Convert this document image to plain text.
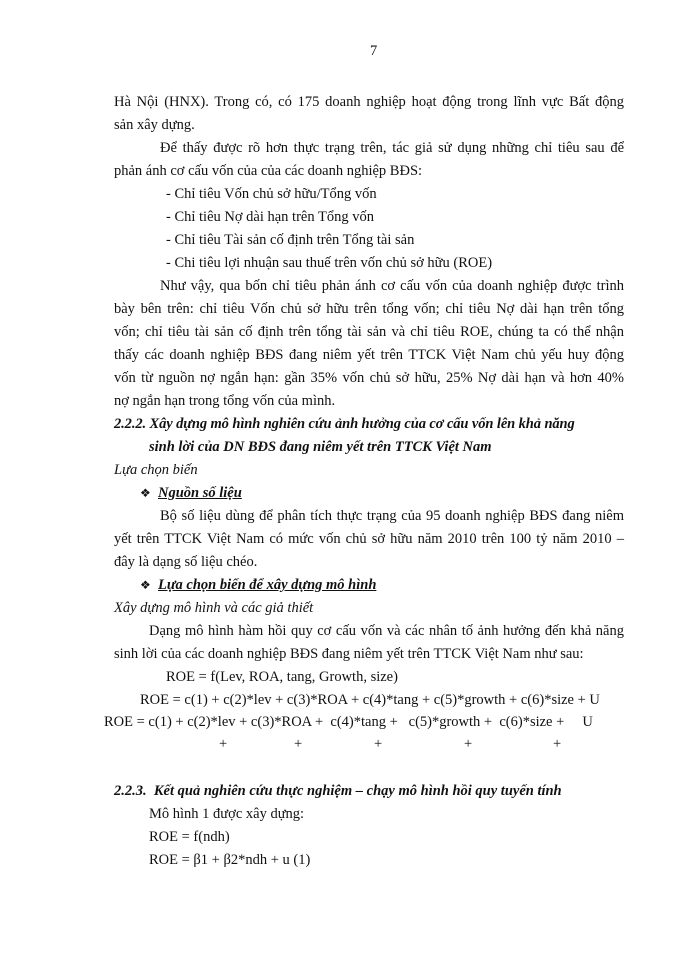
7
Hà Nội (HNX). Trong có, có 175 doanh nghiệp hoạt động trong lĩnh vực Bất động
sản xây dựng.
Để thấy được rõ hơn thực trạng trên, tác giả sử dụng những chỉ tiêu sau để
phản ánh cơ cấu vốn của của các doanh nghiệp BĐS:
- Chỉ tiêu Vốn chủ sở hữu/Tổng vốn
- Chỉ tiêu Nợ dài hạn trên Tổng vốn
- Chỉ tiêu Tài sản cố định trên Tổng tài sản
- Chi tiêu lợi nhuận sau thuế trên vốn chủ sở hữu (ROE)
Như vậy, qua bốn chỉ tiêu phản ánh cơ cấu vốn của doanh nghiệp được trình
bày bên trên: chỉ tiêu Vốn chủ sở hữu trên tổng vốn; chỉ tiêu Nợ dài hạn trên tổng
vốn; chỉ tiêu tài sản cố định trên tổng tài sản và chỉ tiêu ROE, chúng ta có thể nhận
thấy các doanh nghiệp BĐS đang niêm yết trên TTCK Việt Nam chủ yếu huy động
vốn từ nguồn nợ ngắn hạn: gần 35% vốn chủ sở hữu, 25% Nợ dài hạn và hơn 40%
nợ ngắn hạn trong tổng vốn của mình.
2.2.2. Xây dựng mô hình nghiên cứu ảnh hưởng của cơ cấu vốn lên khả năng
sinh lời của DN BĐS đang niêm yết trên TTCK Việt Nam
Lựa chọn biến
❖ Nguồn số liệu
Bộ số liệu dùng để phân tích thực trạng của 95 doanh nghiệp BĐS đang niêm
yết trên TTCK Việt Nam có mức vốn chủ sở hữu năm 2010 trên 100 tỷ năm 2010 –
đây là dạng số liệu chéo.
❖ Lựa chọn biến để xây dựng mô hình
Xây dựng mô hình và các giả thiết
Dạng mô hình hàm hồi quy cơ cấu vốn và các nhân tố ảnh hưởng đến khả năng
sinh lời của các doanh nghiệp BĐS đang niêm yết trên TTCK Việt Nam như sau:
ROE = f(Lev, ROA, tang, Growth, size)
ROE = c(1) + c(2)*lev + c(3)*ROA + c(4)*tang + c(5)*growth + c(6)*size + U
ROE = c(1) + c(2)*lev + c(3)*ROA +  c(4)*tang +   c(5)*growth +  c(6)*size +     U
+	+	+	+	+
2.2.3.  Kết quả nghiên cứu thực nghiệm – chạy mô hình hồi quy tuyến tính
Mô hình 1 được xây dựng:
ROE = f(ndh)
ROE = β1 + β2*ndh + u (1)
